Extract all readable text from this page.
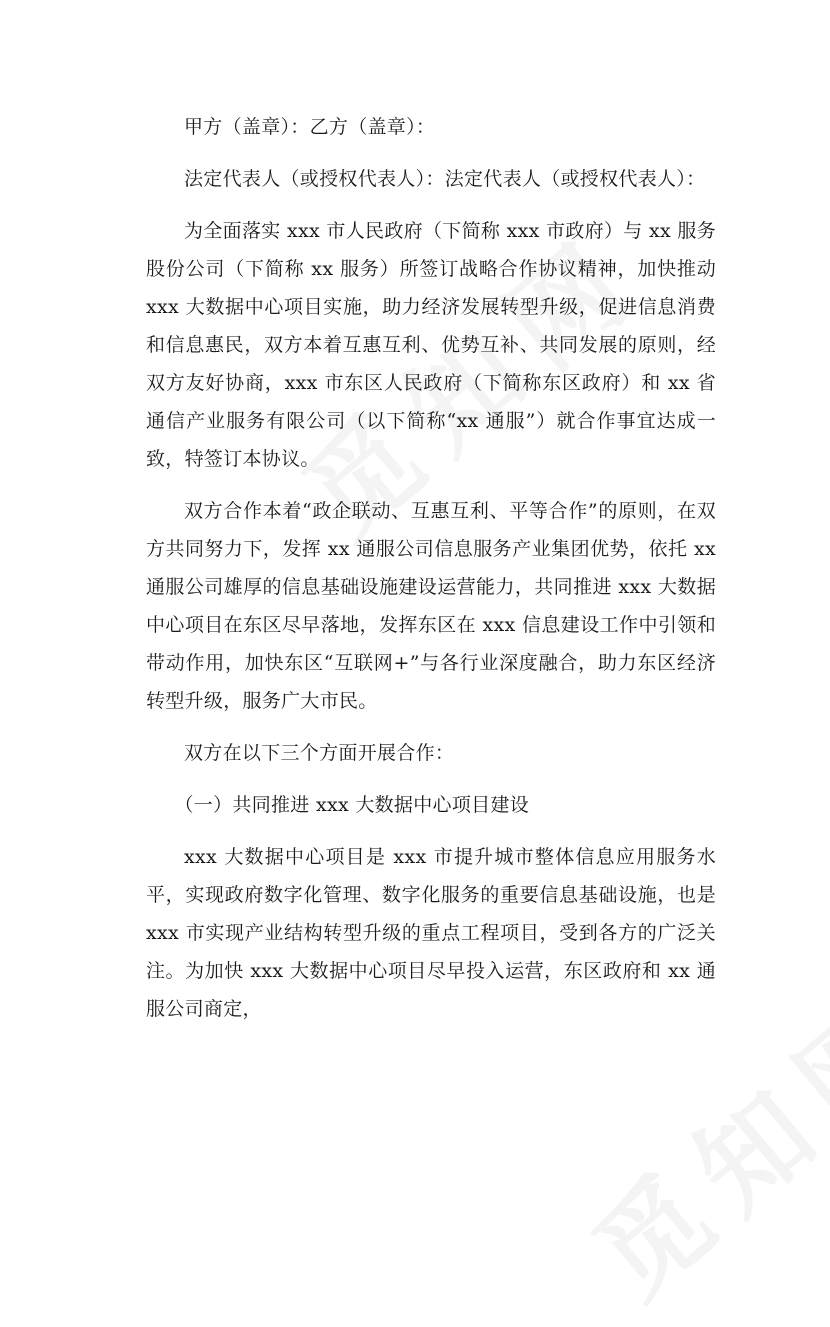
甲方（盖章）：乙方（盖章）：

法定代表人（或授权代表人）：法定代表人（或授权代表人）：

为全面落实 xxx 市人民政府（下简称 xxx 市政府）与 xx 服务股份公司（下简称 xx 服务）所签订战略合作协议精神，加快推动 xxx 大数据中心项目实施，助力经济发展转型升级，促进信息消费和信息惠民，双方本着互惠互利、优势互补、共同发展的原则，经双方友好协商，xxx 市东区人民政府（下简称东区政府）和 xx 省通信产业服务有限公司（以下简称“xx 通服”）就合作事宜达成一致，特签订本协议。

双方合作本着“政企联动、互惠互利、平等合作”的原则，在双方共同努力下，发挥 xx 通服公司信息服务产业集团优势，依托 xx 通服公司雄厚的信息基础设施建设运营能力，共同推进 xxx 大数据中心项目在东区尽早落地，发挥东区在 xxx 信息建设工作中引领和带动作用，加快东区“互联网+”与各行业深度融合，助力东区经济转型升级，服务广大市民。

双方在以下三个方面开展合作：

（一）共同推进 xxx 大数据中心项目建设

xxx 大数据中心项目是 xxx 市提升城市整体信息应用服务水平，实现政府数字化管理、数字化服务的重要信息基础设施，也是 xxx 市实现产业结构转型升级的重点工程项目，受到各方的广泛关注。为加快 xxx 大数据中心项目尽早投入运营，东区政府和 xx 通服公司商定，
